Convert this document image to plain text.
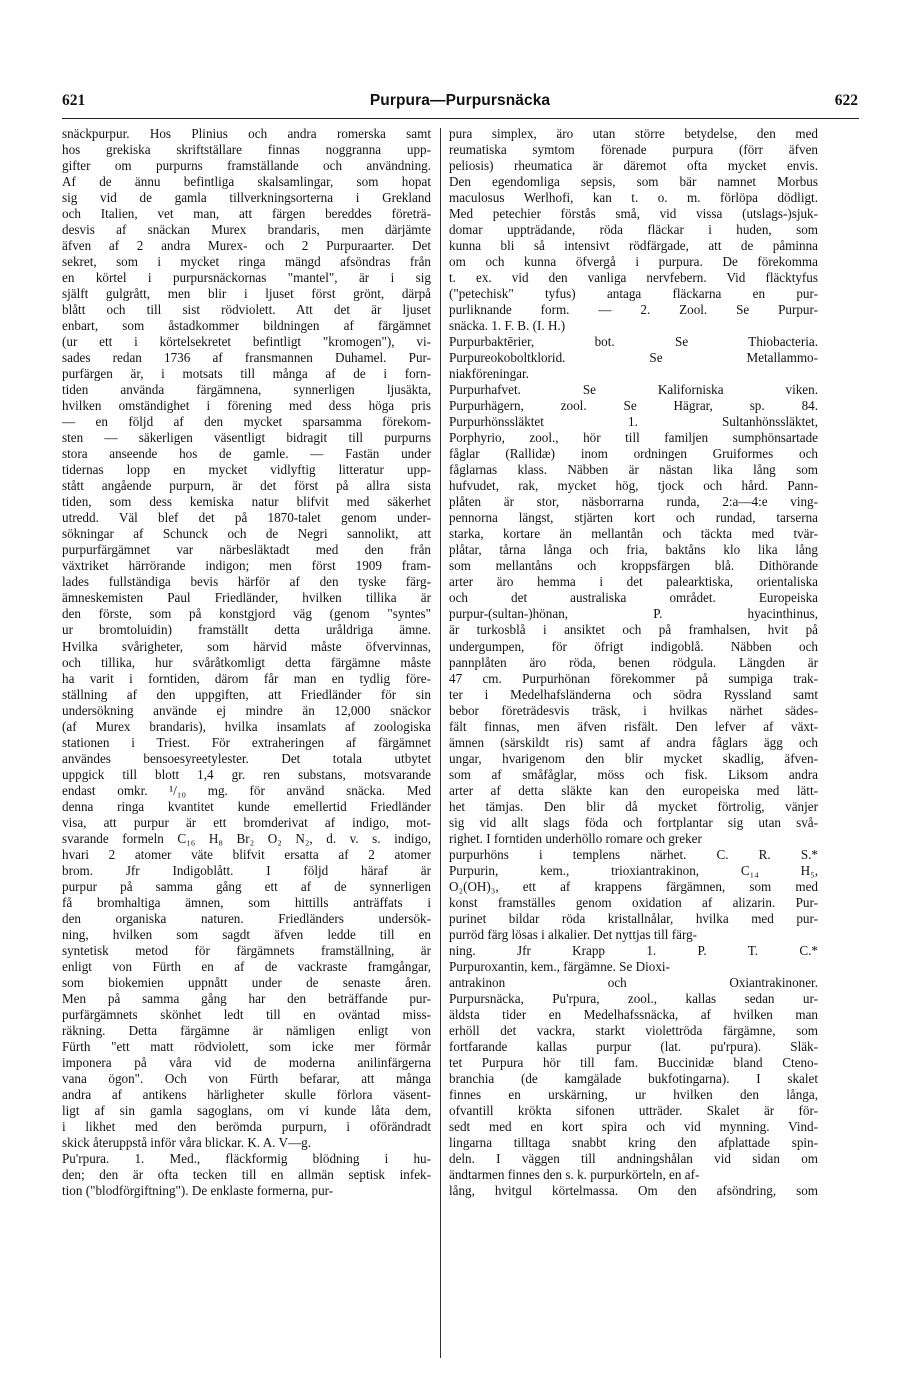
621	Purpura—Purpursnäcka	622
snäckpurpur. Hos Plinius och andra romerska samt
hos grekiska skriftställare finnas noggranna upp-
gifter om purpurns framställande och användning.
Af de ännu befintliga skalsamlingar, som hopat
sig vid de gamla tillverkningsorterna i Grekland
och Italien, vet man, att färgen bereddes företrä-
desvis af snäckan Murex brandaris, men därjämte
äfven af 2 andra Murex- och 2 Purpuraarter. Det
sekret, som i mycket ringa mängd afsöndras från
en körtel i purpursnäckornas "mantel", är i sig
själft gulgrått, men blir i ljuset först grönt, därpå
blått och till sist rödviolett. Att det är ljuset
enbart, som åstadkommer bildningen af färgämnet
(ur ett i körtelsekretet befintligt "kromogen"), vi-
sades redan 1736 af fransmannen Duhamel. Pur-
purfärgen är, i motsats till många af de i forn-
tiden använda färgämnena, synnerligen ljusäkta,
hvilken omständighet i förening med dess höga pris
— en följd af den mycket sparsamma förekom-
sten — säkerligen väsentligt bidragit till purpurns
stora anseende hos de gamle. — Fastän under
tidernas lopp en mycket vidlyftig litteratur upp-
stått angående purpurn, är det först på allra sista
tiden, som dess kemiska natur blifvit med säkerhet
utredd. Väl blef det på 1870-talet genom under-
sökningar af Schunck och de Negri sannolikt, att
purpurfärgämnet var närbesläktadt med den från
växtriket härrörande indigon; men först 1909 fram-
lades fullständiga bevis härför af den tyske färg-
ämneskemisten Paul Friedländer, hvilken tillika är
den förste, som på konstgjord väg (genom "syntes"
ur bromtoluidin) framställt detta uråldriga ämne.
Hvilka svårigheter, som härvid måste öfvervinnas,
och tillika, hur svåråtkomligt detta färgämne måste
ha varit i forntiden, därom får man en tydlig före-
ställning af den uppgiften, att Friedländer för sin
undersökning använde ej mindre än 12,000 snäckor
(af Murex brandaris), hvilka insamlats af zoologiska
stationen i Triest. För extraheringen af färgämnet
användes bensoesyreetylester. Det totala utbytet
uppgick till blott 1,4 gr. ren substans, motsvarande
endast omkr. ¹/₁₀ mg. för använd snäcka. Med
denna ringa kvantitet kunde emellertid Friedländer
visa, att purpur är ett bromderivat af indigo, mot-
svarande formeln C₁₆ H₈ Br₂ O₂ N₂, d. v. s. indigo,
hvari 2 atomer väte blifvit ersatta af 2 atomer
brom. Jfr Indigoblått. I följd häraf är
purpur på samma gång ett af de synnerligen
få bromhaltiga ämnen, som hittills anträffats i
den organiska naturen. Friedländers undersök-
ning, hvilken som sagdt äfven ledde till en
syntetisk metod för färgämnets framställning, är
enligt von Fürth en af de vackraste framgångar,
som biokemien uppnått under de senaste åren.
Men på samma gång har den beträffande pur-
purfärgämnets skönhet ledt till en oväntad miss-
räkning. Detta färgämne är nämligen enligt von
Fürth "ett matt rödviolett, som icke mer förmår
imponera på våra vid de moderna anilinfärgerna
vana ögon". Och von Fürth befarar, att många
andra af antikens härligheter skulle förlora väsent-
ligt af sin gamla sagoglans, om vi kunde låta dem,
i likhet med den berömda purpurn, i oförändradt
skick återuppstå inför våra blickar. K. A. V—g.
Pu'rpura. 1. Med., fläckformig blödning i hu-
den; den är ofta tecken till en allmän septisk infek-
tion ("blodförgiftning"). De enklaste formerna, pur-
pura simplex, äro utan större betydelse, den med
reumatiska symtom förenade purpura (förr äfven
peliosis) rheumatica är däremot ofta mycket envis.
Den egendomliga sepsis, som bär namnet Morbus
maculosus Werlhofi, kan t. o. m. förlöpa dödligt.
Med petechier förstås små, vid vissa (utslags-)sjuk-
domar uppträdande, röda fläckar i huden, som
kunna bli så intensivt rödfärgade, att de påminna
om och kunna öfvergå i purpura. De förekomma
t. ex. vid den vanliga nervfebern. Vid fläcktyfus
("petechisk" tyfus) antaga fläckarna en pur-
purliknande form. — 2. Zool. Se Purpur-
snäcka. 1. F. B. (I. H.)
Purpurbaktērier, bot. Se Thiobacteria.
Purpureokoboltklorid. Se Metallammo-
niakföreningar.
Purpurhafvet. Se Kaliforniska viken.
Purpurhägern, zool. Se Hägrar, sp. 84.
Purpurhönssläktet 1. Sultanhönssläktet,
Porphyrio, zool., hör till familjen sumphönsartade
fåglar (Rallidæ) inom ordningen Gruiformes och
fåglarnas klass. Näbben är nästan lika lång som
hufvudet, rak, mycket hög, tjock och hård. Pann-
plåten är stor, näsborrarna runda, 2:a—4:e ving-
pennorna längst, stjärten kort och rundad, tarserna
starka, kortare än mellantån och täckta med tvär-
plåtar, tårna långa och fria, baktåns klo lika lång
som mellantåns och kroppsfärgen blå. Dithörande
arter äro hemma i det palearktiska, orientaliska
och det australiska området. Europeiska
purpur-(sultan-)hönan, P. hyacinthinus,
är turkosblå i ansiktet och på framhalsen, hvit på
undergumpen, för öfrigt indigoblå. Näbben och
pannplåten äro röda, benen rödgula. Längden är
47 cm. Purpurhönan förekommer på sumpiga trak-
ter i Medelhafsländerna och södra Ryssland samt
bebor företrädesvis träsk, i hvilkas närhet sädes-
fält finnas, men äfven risfält. Den lefver af växt-
ämnen (särskildt ris) samt af andra fåglars ägg och
ungar, hvarigenom den blir mycket skadlig, äfven-
som af småfåglar, möss och fisk. Liksom andra
arter af detta släkte kan den europeiska med lätt-
het tämjas. Den blir då mycket förtrolig, vänjer
sig vid allt slags föda och fortplantar sig utan svå-
righet. I forntiden underhöllo romare och greker
purpurhöns i templens närhet. C. R. S.*
Purpurin, kem., trioxiantrakinon, C₁₄ H₅,
O₂(OH)₃, ett af krappens färgämnen, som med
konst framställes genom oxidation af alizarin. Pur-
purinet bildar röda kristallnålar, hvilka med pur-
purröd färg lösas i alkalier. Det nyttjas till färg-
ning. Jfr Krapp 1. P. T. C.*
Purpuroxantin, kem., färgämne. Se Dioxi-
antrakinon och Oxiantrakinoner.
Purpursnäcka, Pu'rpura, zool., kallas sedan ur-
äldsta tider en Medelhafssnäcka, af hvilken man
erhöll det vackra, starkt violettröda färgämne, som
fortfarande kallas purpur (lat. pu'rpura). Släk-
tet Purpura hör till fam. Buccinidæ bland Cteno-
branchia (de kamgälade bukfotingarna). I skalet
finnes en urskärning, ur hvilken den långa,
ofvantill krökta sifonen utträder. Skalet är för-
sedt med en kort spira och vid mynning. Vind-
lingarna tilltaga snabbt kring den afplattade spin-
deln. I väggen till andningshålan vid sidan om
ändtarmen finnes den s. k. purpurkörteln, en af-
lång, hvitgul körtelmassa. Om den afsöndring, som
